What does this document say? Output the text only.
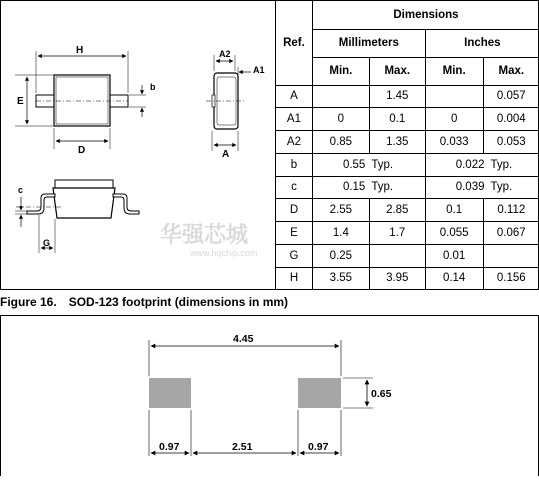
H
E
D
b
A2
A1
A
c
G
Ref.	Dimensions			
	Millimeters		Inches	
	Min.	Max.	Min.	Max.
A		1.45		0.057
A1	0	0.1	0	0.004
A2	0.85	1.35	0.033	0.053
b	0.55 Typ.		0.022 Typ.	
c	0.15 Typ.		0.039 Typ.	
D	2.55	2.85	0.1	0.112
E	1.4	1.7	0.055	0.067
G	0.25		0.01	
H	3.55	3.95	0.14	0.156
华强芯城
www.hqchip.com
Figure 16. SOD-123 footprint (dimensions in mm)
4.45
0.65
0.97	2.51	0.97
